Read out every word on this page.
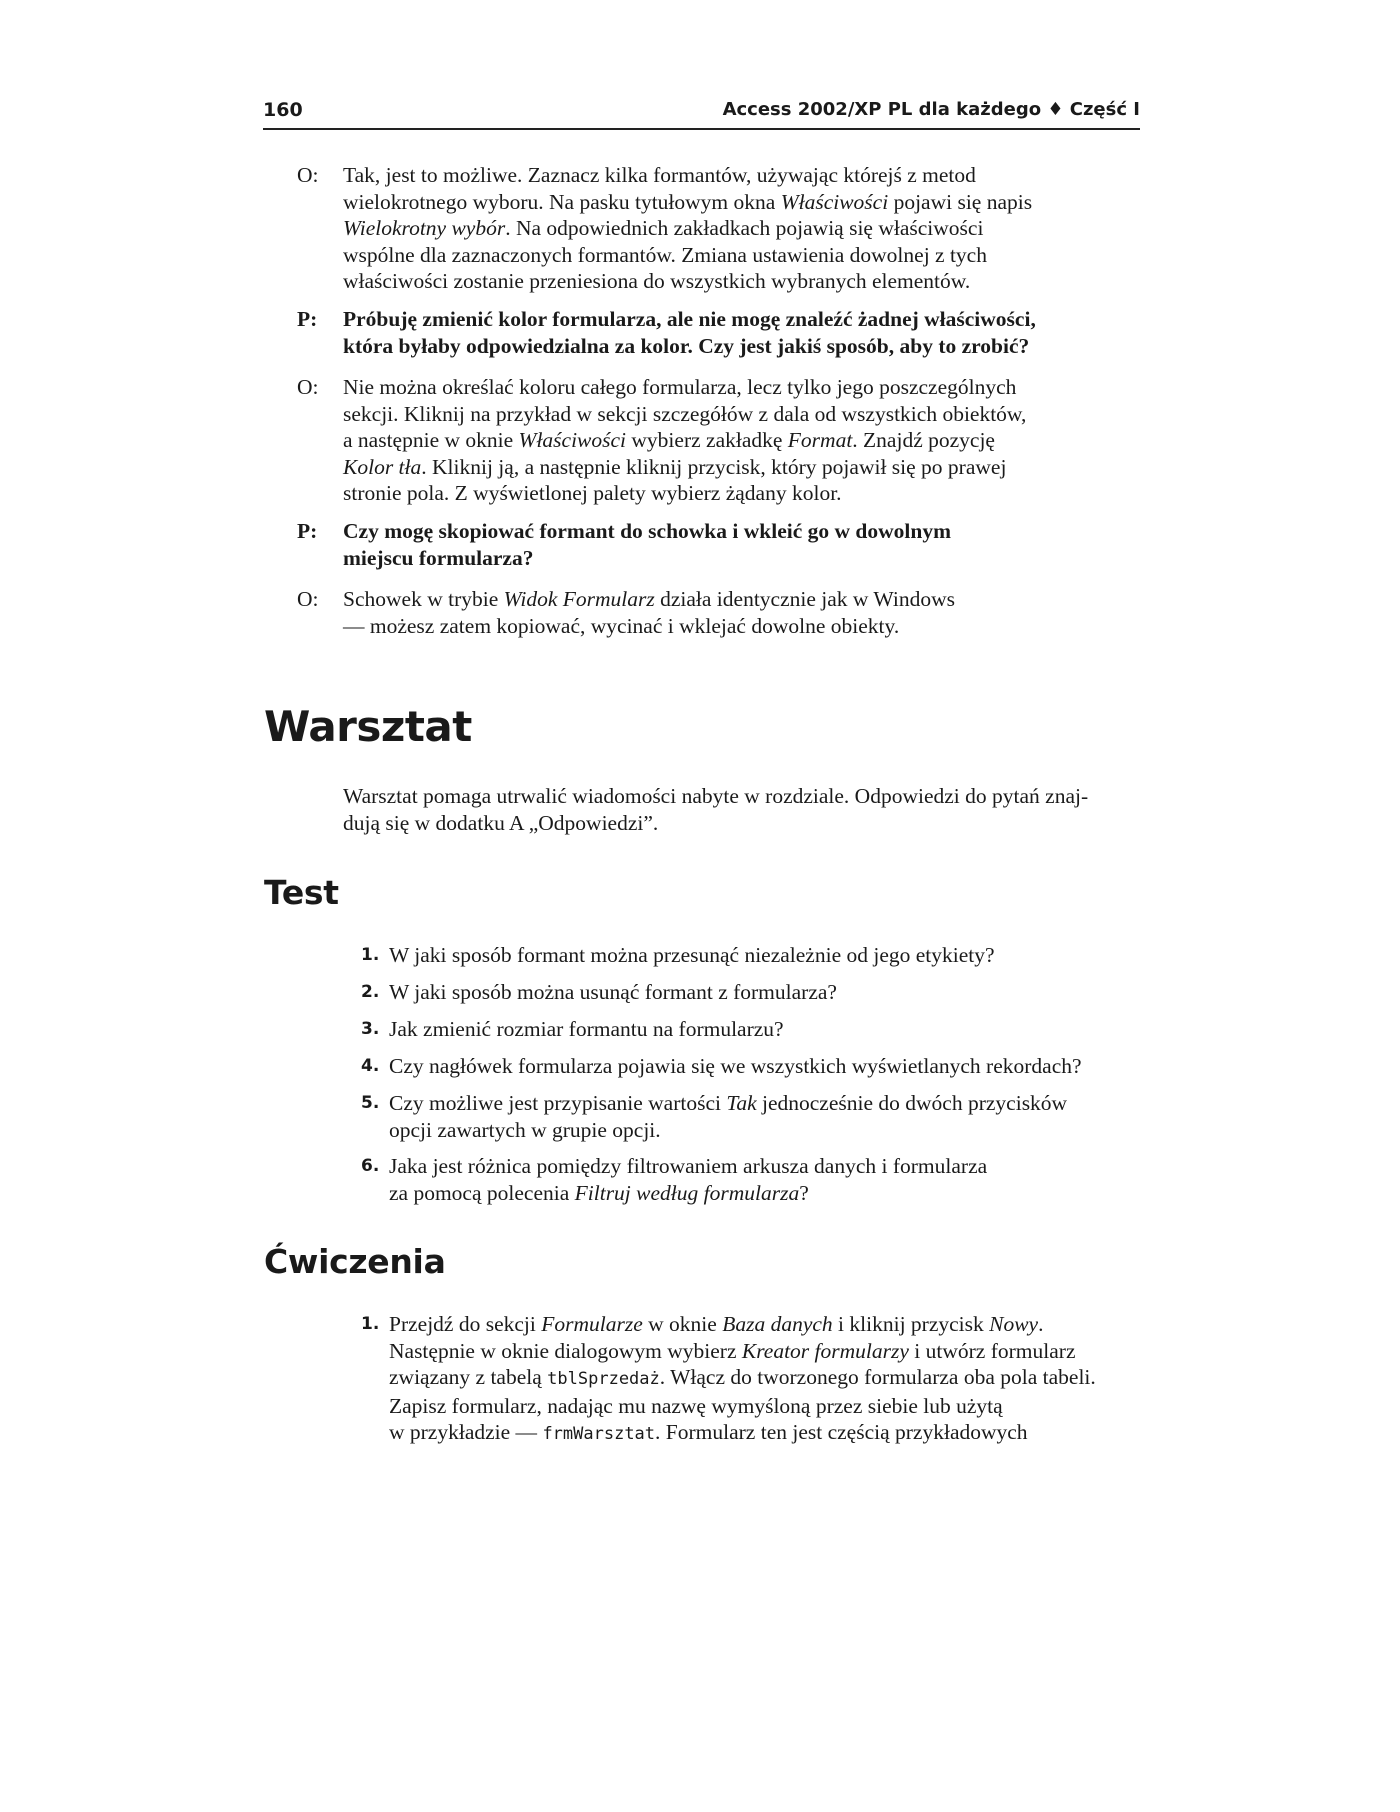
160	Access 2002/XP PL dla każdego ♦ Część I
O: Tak, jest to możliwe. Zaznacz kilka formantów, używając którejś z metod
wielokrotnego wyboru. Na pasku tytułowym okna Właściwości pojawi się napis
Wielokrotny wybór. Na odpowiednich zakładkach pojawią się właściwości
wspólne dla zaznaczonych formantów. Zmiana ustawienia dowolnej z tych
właściwości zostanie przeniesiona do wszystkich wybranych elementów.
P: Próbuję zmienić kolor formularza, ale nie mogę znaleźć żadnej właściwości,
która byłaby odpowiedzialna za kolor. Czy jest jakiś sposób, aby to zrobić?
O: Nie można określać koloru całego formularza, lecz tylko jego poszczególnych
sekcji. Kliknij na przykład w sekcji szczegółów z dala od wszystkich obiektów,
a następnie w oknie Właściwości wybierz zakładkę Format. Znajdź pozycję
Kolor tła. Kliknij ją, a następnie kliknij przycisk, który pojawił się po prawej
stronie pola. Z wyświetlonej palety wybierz żądany kolor.
P: Czy mogę skopiować formant do schowka i wkleić go w dowolnym
miejscu formularza?
O: Schowek w trybie Widok Formularz działa identycznie jak w Windows
— możesz zatem kopiować, wycinać i wklejać dowolne obiekty.
Warsztat
Warsztat pomaga utrwalić wiadomości nabyte w rozdziale. Odpowiedzi do pytań znaj-
dują się w dodatku A „Odpowiedzi”.
Test
1. W jaki sposób formant można przesunąć niezależnie od jego etykiety?
2. W jaki sposób można usunąć formant z formularza?
3. Jak zmienić rozmiar formantu na formularzu?
4. Czy nagłówek formularza pojawia się we wszystkich wyświetlanych rekordach?
5. Czy możliwe jest przypisanie wartości Tak jednocześnie do dwóch przycisków
opcji zawartych w grupie opcji.
6. Jaka jest różnica pomiędzy filtrowaniem arkusza danych i formularza
za pomocą polecenia Filtruj według formularza?
Ćwiczenia
1. Przejdź do sekcji Formularze w oknie Baza danych i kliknij przycisk Nowy.
Następnie w oknie dialogowym wybierz Kreator formularzy i utwórz formularz
związany z tabelą tblSprzedaż. Włącz do tworzonego formularza oba pola tabeli.
Zapisz formularz, nadając mu nazwę wymyśloną przez siebie lub użytą
w przykładzie — frmWarsztat. Formularz ten jest częścią przykładowych
